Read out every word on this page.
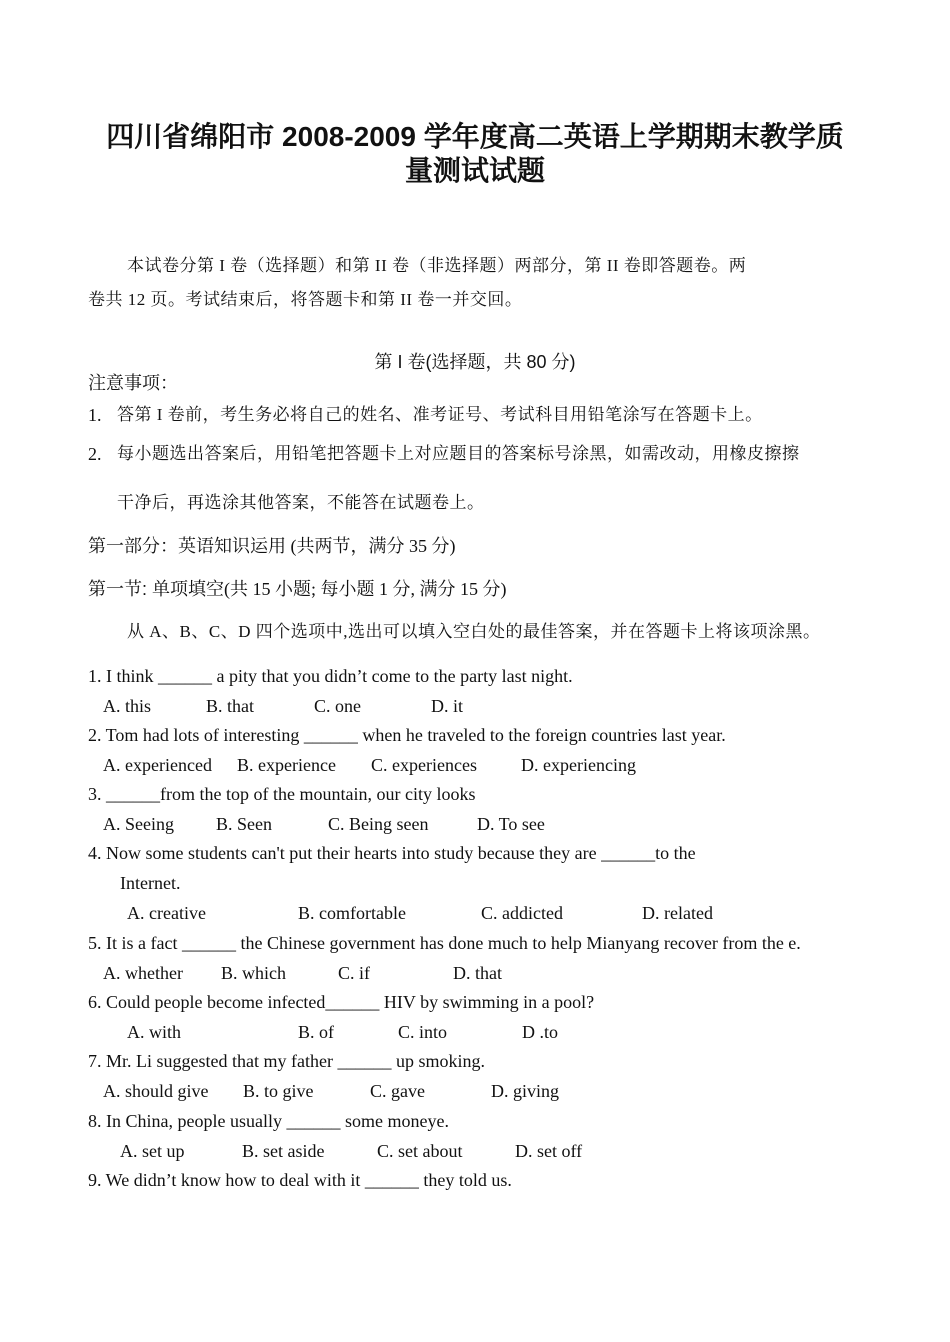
四川省绵阳市 2008-2009 学年度高二英语上学期期末教学质
量测试试题
本试卷分第 I 卷（选择题）和第 II 卷（非选择题）两部分，第 II 卷即答题卷。两
卷共 12 页。考试结束后，将答题卡和第 II 卷一并交回。
第 I 卷(选择题，共 80 分)
注意事项：
1. 答第 I 卷前，考生务必将自己的姓名、准考证号、考试科目用铅笔涂写在答题卡上。
2. 每小题选出答案后，用铅笔把答题卡上对应题目的答案标号涂黑，如需改动，用橡皮擦擦
干净后，再选涂其他答案，不能答在试题卷上。
第一部分：英语知识运用 (共两节，满分 35 分)
第一节: 单项填空(共 15 小题; 每小题 1 分, 满分 15 分)
从 A、B、C、D 四个选项中,选出可以填入空白处的最佳答案，并在答题卡上将该项涂黑。
1. I think ______ a pity that you didn’t come to the party last night.
A. this	B. that	C. one	D. it
2. Tom had lots of interesting ______ when he traveled to the foreign countries last year.
A. experienced B. experience C. experiences D. experiencing
3. ______from the top of the mountain, our city looks
A. Seeing B. Seen	C. Being seen	D. To see
4. Now some students can't put their hearts into study because they are ______to the
Internet.
A. creative	B. comfortable	C. addicted	D. related
5. It is a fact ______ the Chinese government has done much to help Mianyang recover from the e.
A. whether B. which	C. if	D. that
6. Could people become infected______ HIV by swimming in a pool?
A. with	B. of	C. into	D .to
7. Mr. Li suggested that my father ______ up smoking.
A. should give B. to give	C. gave	D. giving
8. In China, people usually ______ some moneye.
A. set up	B. set aside	C. set about	D. set off
9. We didn’t know how to deal with it ______ they told us.
